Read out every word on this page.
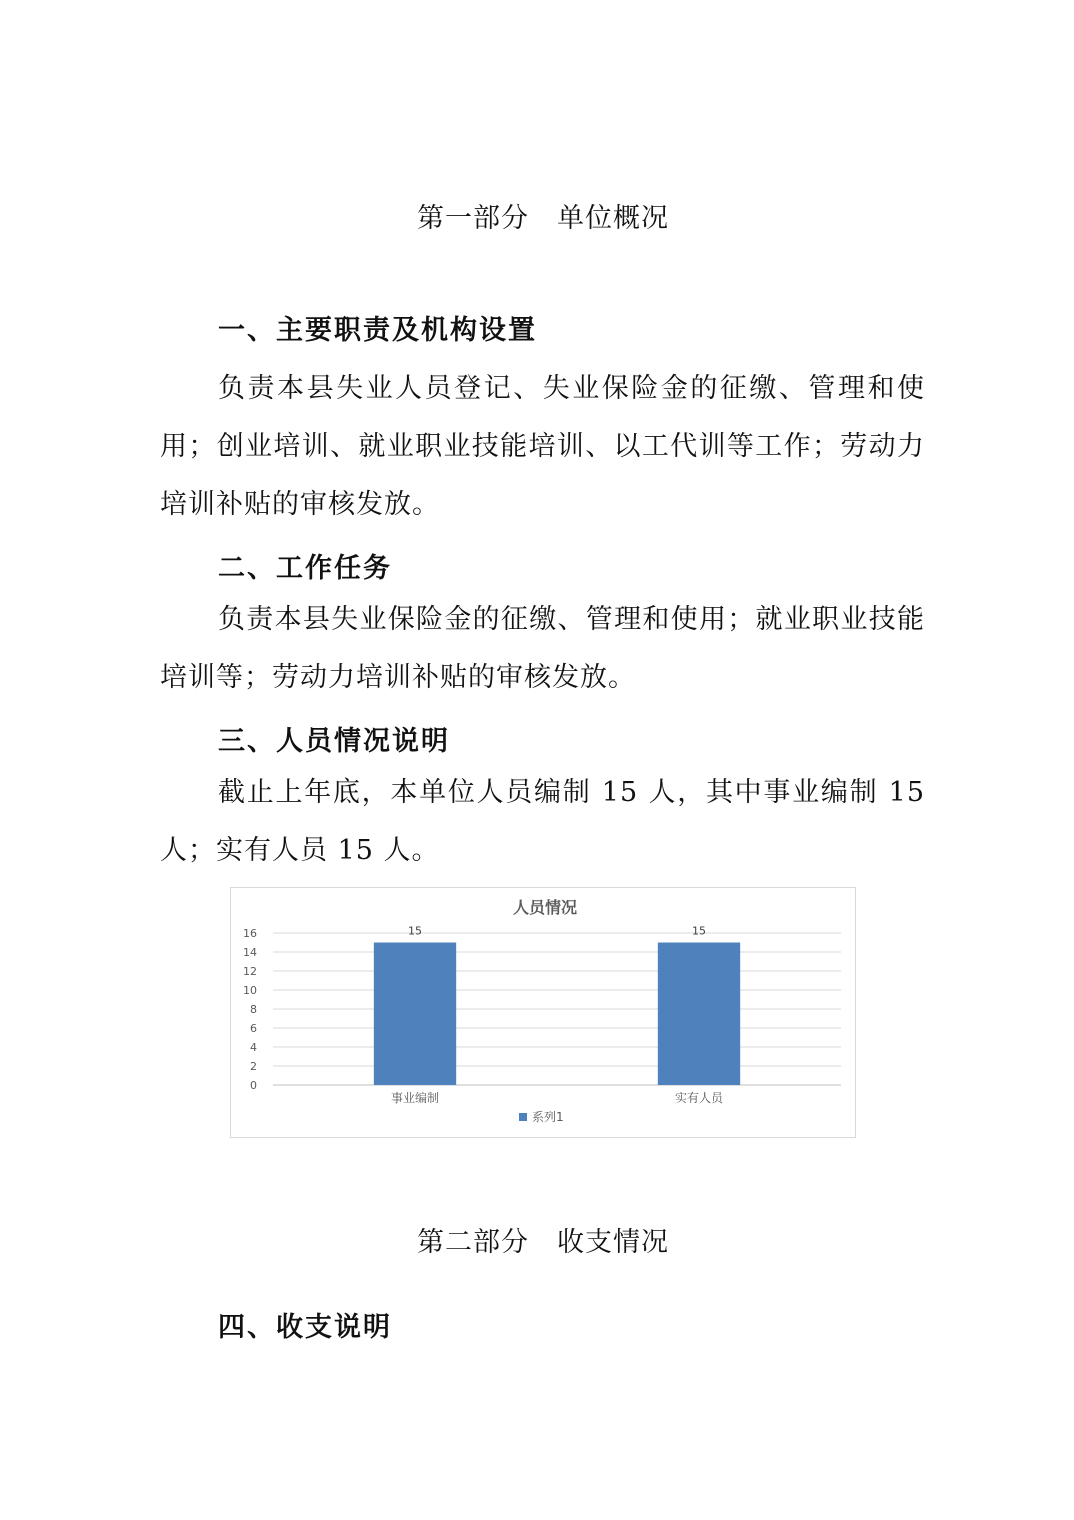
第一部分　单位概况
一、主要职责及机构设置
负责本县失业人员登记、失业保险金的征缴、管理和使用；创业培训、就业职业技能培训、以工代训等工作；劳动力培训补贴的审核发放。
二、工作任务
负责本县失业保险金的征缴、管理和使用；就业职业技能培训等；劳动力培训补贴的审核发放。
三、人员情况说明
截止上年底，本单位人员编制 15 人，其中事业编制 15 人；实有人员 15 人。
人员情况
0
2
4
6
8
10
12
14
16	15	15
事业编制	实有人员
系列1
第二部分　收支情况
四、收支说明
